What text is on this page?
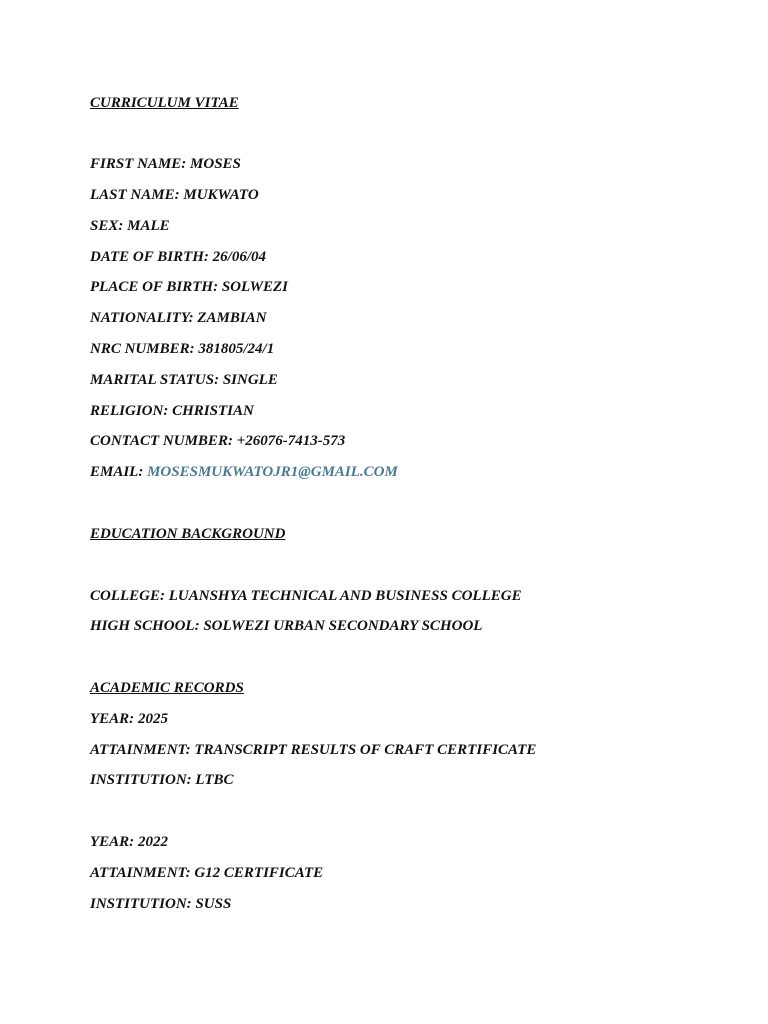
CURRICULUM VITAE
FIRST NAME: MOSES
LAST NAME: MUKWATO
SEX: MALE
DATE OF BIRTH: 26/06/04
PLACE OF BIRTH: SOLWEZI
NATIONALITY: ZAMBIAN
NRC NUMBER: 381805/24/1
MARITAL STATUS: SINGLE
RELIGION: CHRISTIAN
CONTACT NUMBER: +26076-7413-573
EMAIL: MOSESMUKWATOJR1@GMAIL.COM
EDUCATION BACKGROUND
COLLEGE: LUANSHYA TECHNICAL AND BUSINESS COLLEGE
HIGH SCHOOL: SOLWEZI URBAN SECONDARY SCHOOL
ACADEMIC RECORDS
YEAR: 2025
ATTAINMENT: TRANSCRIPT RESULTS OF CRAFT CERTIFICATE
INSTITUTION: LTBC
YEAR: 2022
ATTAINMENT: G12 CERTIFICATE
INSTITUTION: SUSS
